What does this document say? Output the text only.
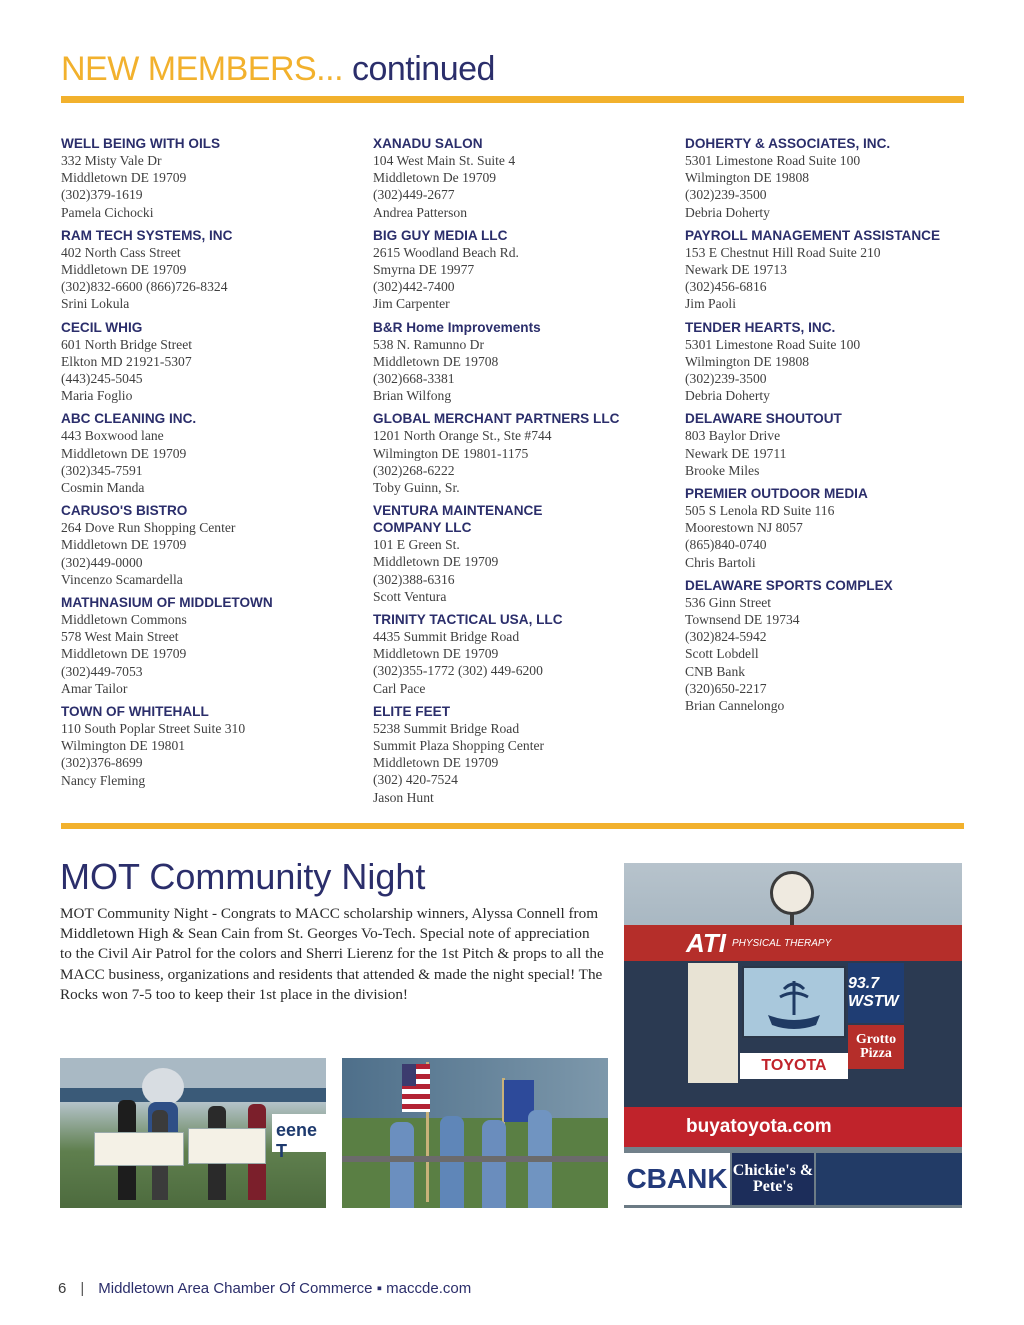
NEW MEMBERS... continued
WELL BEING WITH OILS
332 Misty Vale Dr
Middletown DE 19709
(302)379-1619
Pamela Cichocki
RAM TECH SYSTEMS, INC
402 North Cass Street
Middletown DE 19709
(302)832-6600 (866)726-8324
Srini Lokula
CECIL WHIG
601 North Bridge Street
Elkton MD 21921-5307
(443)245-5045
Maria Foglio
ABC CLEANING INC.
443 Boxwood lane
Middletown DE 19709
(302)345-7591
Cosmin Manda
CARUSO'S BISTRO
264 Dove Run Shopping Center
Middletown DE 19709
(302)449-0000
Vincenzo Scamardella
MATHNASIUM OF MIDDLETOWN
Middletown Commons
578 West Main Street
Middletown DE 19709
(302)449-7053
Amar Tailor
TOWN OF WHITEHALL
110 South Poplar Street Suite 310
Wilmington DE 19801
(302)376-8699
Nancy Fleming
XANADU SALON
104 West Main St. Suite 4
Middletown De 19709
(302)449-2677
Andrea Patterson
BIG GUY MEDIA LLC
2615 Woodland Beach Rd.
Smyrna DE 19977
(302)442-7400
Jim Carpenter
B&R Home Improvements
538 N. Ramunno Dr
Middletown DE 19708
(302)668-3381
Brian Wilfong
GLOBAL MERCHANT PARTNERS LLC
1201 North Orange St., Ste #744
Wilmington DE 19801-1175
(302)268-6222
Toby Guinn, Sr.
VENTURA MAINTENANCE
COMPANY LLC
101 E Green St.
Middletown DE 19709
(302)388-6316
Scott Ventura
TRINITY TACTICAL USA, LLC
4435 Summit Bridge Road
Middletown DE 19709
(302)355-1772 (302) 449-6200
Carl Pace
ELITE FEET
5238 Summit Bridge Road
Summit Plaza Shopping Center
Middletown DE 19709
(302) 420-7524
Jason Hunt
DOHERTY & ASSOCIATES, INC.
5301 Limestone Road Suite 100
Wilmington DE 19808
(302)239-3500
Debria Doherty
PAYROLL MANAGEMENT ASSISTANCE
153 E Chestnut Hill Road Suite 210
Newark DE 19713
(302)456-6816
Jim Paoli
TENDER HEARTS, INC.
5301 Limestone Road Suite 100
Wilmington DE 19808
(302)239-3500
Debria Doherty
DELAWARE SHOUTOUT
803 Baylor Drive
Newark DE 19711
Brooke Miles
PREMIER OUTDOOR MEDIA
505 S Lenola RD Suite 116
Moorestown NJ 8057
(865)840-0740
Chris Bartoli
DELAWARE SPORTS COMPLEX
536 Ginn Street
Townsend DE 19734
(302)824-5942
Scott Lobdell
CNB Bank
(320)650-2217
Brian Cannelongo
MOT Community Night
MOT Community Night - Congrats to MACC scholarship winners, Alyssa Connell from Middletown High & Sean Cain from St. Georges Vo-Tech. Special note of appreciation to the Civil Air Patrol for the colors and Sherri Lierenz for the 1st Pitch & props to all the MACC business, organizations and residents that attended & made the night special! The Rocks won 7-5 too to keep their 1st place in the division!
eene T
ATI PHYSICAL THERAPY
93.7 WSTW
Grotto Pizza
TOYOTA
buyatoyota.com
CBANK Chickie's & Pete's
6 | Middletown Area Chamber Of Commerce ▪ maccde.com
